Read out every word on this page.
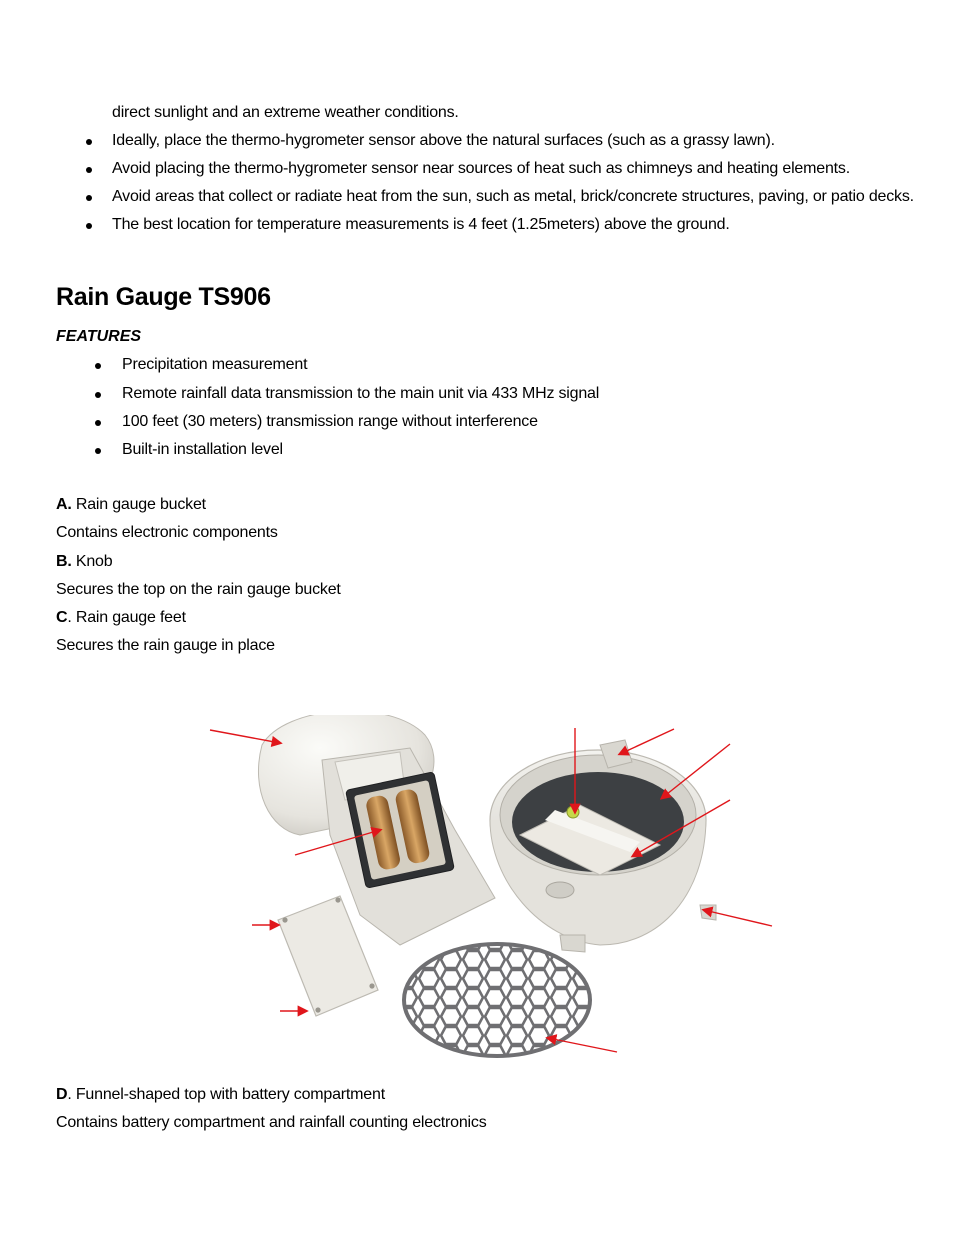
direct sunlight and an extreme weather conditions.
Ideally, place the thermo-hygrometer sensor above the natural surfaces (such as a grassy lawn).
Avoid placing the thermo-hygrometer sensor near sources of heat such as chimneys and heating elements.
Avoid areas that collect or radiate heat from the sun, such as metal, brick/concrete structures, paving, or patio decks.
The best location for temperature measurements is 4 feet (1.25meters) above the ground.
Rain Gauge TS906
FEATURES
Precipitation measurement
Remote rainfall data transmission to the main unit via 433 MHz signal
100 feet (30 meters) transmission range without interference
Built-in installation level
A. Rain gauge bucket
Contains electronic components
B. Knob
Secures the top on the rain gauge bucket
C. Rain gauge feet
Secures the rain gauge in place
D. Funnel-shaped top with battery compartment
Contains battery compartment and rainfall counting electronics
